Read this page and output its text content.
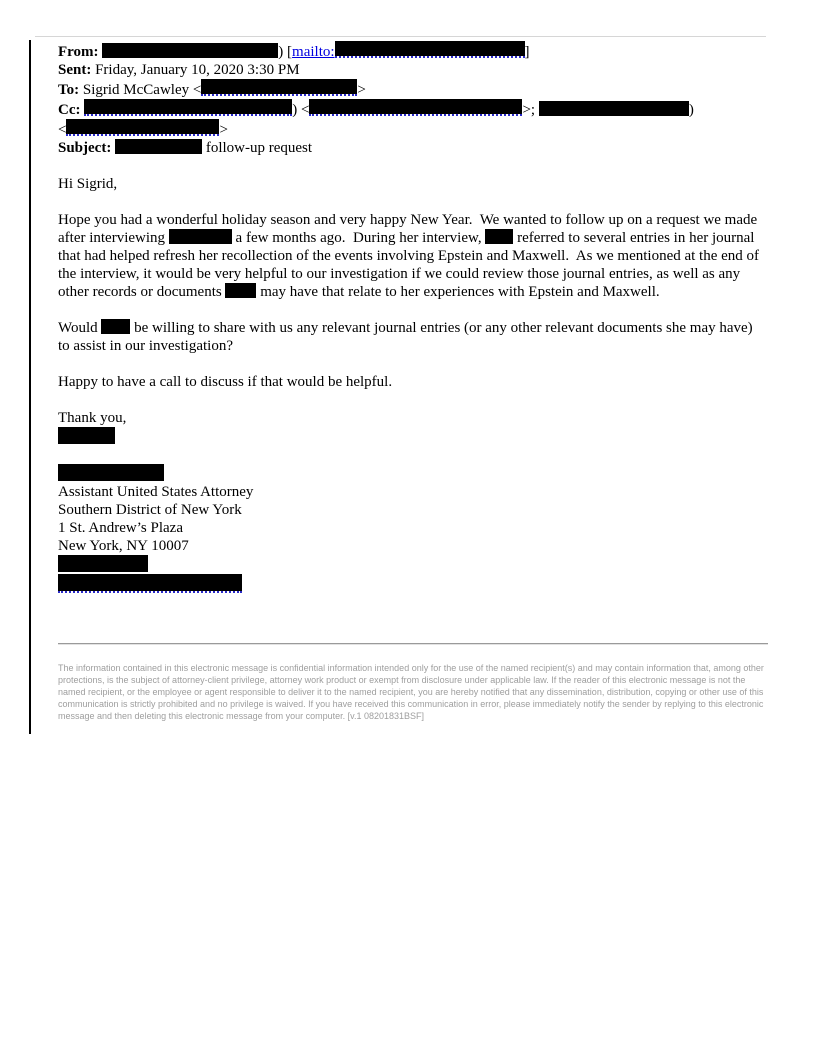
From:	) [mailto:	]
Sent: Friday, January 10, 2020 3:30 PM
To: Sigrid McCawley <	>
Cc:	) <	>;	)
<	>
Subject:	follow-up request
Hi Sigrid,
Hope you had a wonderful holiday season and very happy New Year.  We wanted to follow up on a request we made after interviewing	a few months ago.  During her interview,  referred to several entries in her journal that had helped refresh her recollection of the events involving Epstein and Maxwell.  As we mentioned at the end of the interview, it would be very helpful to our investigation if we could review those journal entries, as well as any other records or documents  may have that relate to her experiences with Epstein and Maxwell.
Would  be willing to share with us any relevant journal entries (or any other relevant documents she may have) to assist in our investigation?
Happy to have a call to discuss if that would be helpful.
Thank you,
Assistant United States Attorney
Southern District of New York
1 St. Andrew’s Plaza
New York, NY 10007
The information contained in this electronic message is confidential information intended only for the use of the named recipient(s) and may contain information that, among other protections, is the subject of attorney-client privilege, attorney work product or exempt from disclosure under applicable law. If the reader of this electronic message is not the named recipient, or the employee or agent responsible to deliver it to the named recipient, you are hereby notified that any dissemination, distribution, copying or other use of this communication is strictly prohibited and no privilege is waived. If you have received this communication in error, please immediately notify the sender by replying to this electronic message and then deleting this electronic message from your computer. [v.1 08201831BSF]
